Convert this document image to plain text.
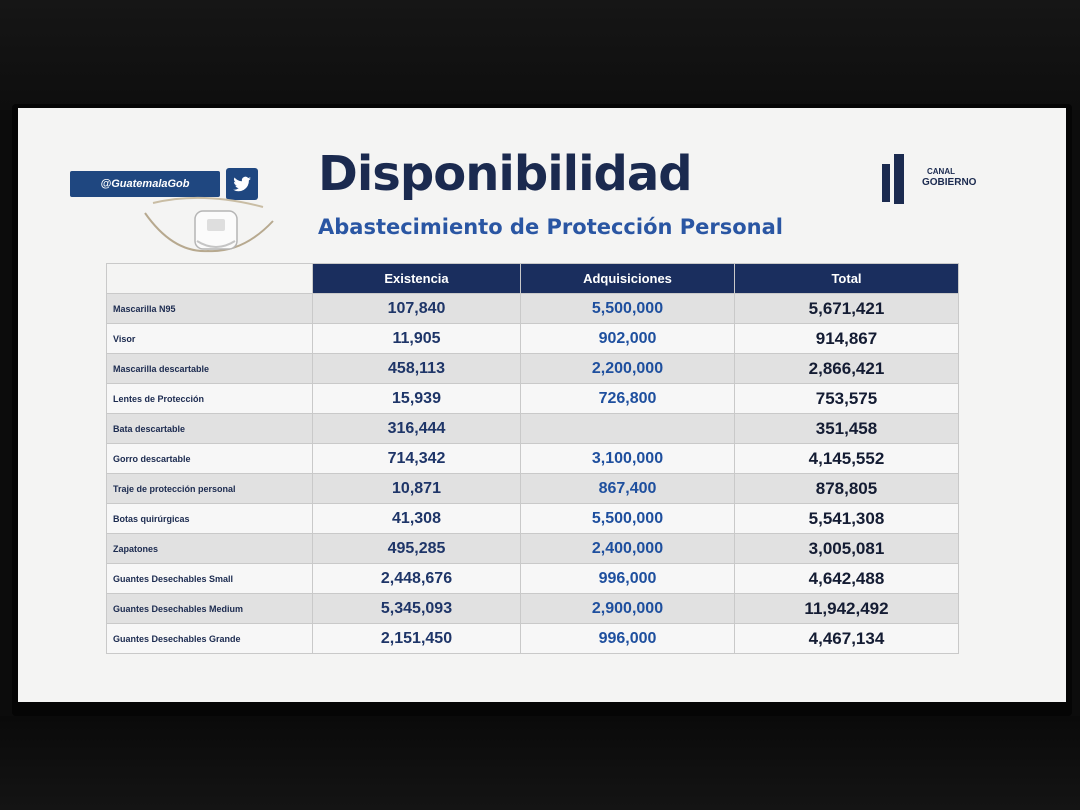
@GuatemalaGob	Disponibilidad
Abastecimiento de Protección Personal
CANAL
GOBIERNO
	Existencia	Adquisiciones	Total
Mascarilla N95	107,840	5,500,000	5,671,421
Visor	11,905	902,000	914,867
Mascarilla descartable	458,113	2,200,000	2,866,421
Lentes de Protección	15,939	726,800	753,575
Bata descartable	316,444		351,458
Gorro descartable	714,342	3,100,000	4,145,552
Traje de protección personal	10,871	867,400	878,805
Botas quirúrgicas	41,308	5,500,000	5,541,308
Zapatones	495,285	2,400,000	3,005,081
Guantes Desechables Small	2,448,676	996,000	4,642,488
Guantes Desechables Medium	5,345,093	2,900,000	11,942,492
Guantes Desechables Grande	2,151,450	996,000	4,467,134
